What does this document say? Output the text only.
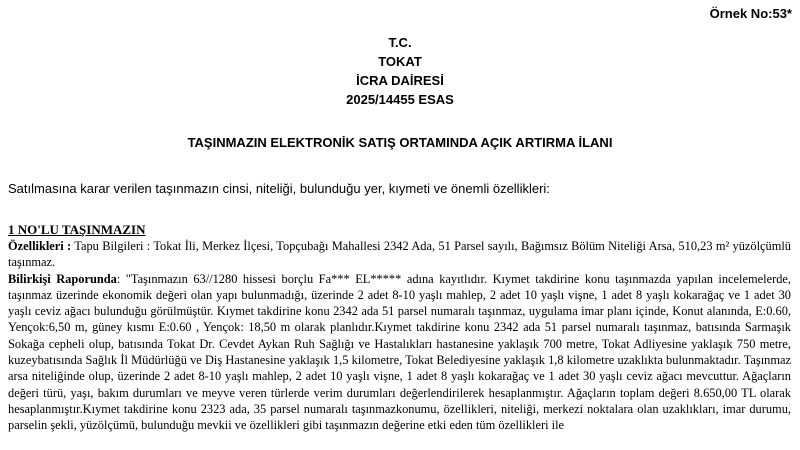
Örnek No:53*
T.C.
TOKAT
İCRA DAİRESİ
2025/14455 ESAS
TAŞINMAZIN ELEKTRONİK SATIŞ ORTAMINDA AÇIK ARTIRMA İLANI
Satılmasına karar verilen taşınmazın cinsi, niteliği, bulunduğu yer, kıymeti ve önemli özellikleri:
1 NO'LU TAŞINMAZIN

Özellikleri : Tapu Bilgileri : Tokat İli, Merkez İlçesi, Topçubağı Mahallesi 2342 Ada, 51 Parsel sayılı, Bağımsız Bölüm Niteliği Arsa, 510,23 m² yüzölçümlü taşınmaz.

Bilirkişi Raporunda: "Taşınmazın 63//1280 hissesi borçlu Fa*** EL***** adına kayıtlıdır. Kıymet takdirine konu taşınmazda yapılan incelemelerde, taşınmaz üzerinde ekonomik değeri olan yapı bulunmadığı, üzerinde 2 adet 8-10 yaşlı mahlep, 2 adet 10 yaşlı vişne, 1 adet 8 yaşlı kokarağaç ve 1 adet 30 yaşlı ceviz ağacı bulunduğu görülmüştür. Kıymet takdirine konu 2342 ada 51 parsel numaralı taşınmaz, uygulama imar planı içinde, Konut alanında, E:0.60, Yençok:6,50 m, güney kısmı E:0.60 , Yençok: 18,50 m olarak planlıdır.Kıymet takdirine konu 2342 ada 51 parsel numaralı taşınmaz, batısında Sarmaşık Sokağa cepheli olup, batısında Tokat Dr. Cevdet Aykan Ruh Sağlığı ve Hastalıkları hastanesine yaklaşık 700 metre, Tokat Adliyesine yaklaşık 750 metre, kuzeybatısında Sağlık İl Müdürlüğü ve Diş Hastanesine yaklaşık 1,5 kilometre, Tokat Belediyesine yaklaşık 1,8 kilometre uzaklıkta bulunmaktadır. Taşınmaz arsa niteliğinde olup, üzerinde 2 adet 8-10 yaşlı mahlep, 2 adet 10 yaşlı vişne, 1 adet 8 yaşlı kokarağaç ve 1 adet 30 yaşlı ceviz ağacı mevcuttur. Ağaçların değeri türü, yaşı, bakım durumları ve meyve veren türlerde verim durumları değerlendirilerek hesaplanmıştır. Ağaçların toplam değeri 8.650,00 TL olarak hesaplanmıştır.Kıymet takdirine konu 2323 ada, 35 parsel numaralı taşınmazkonumu, özellikleri, niteliği, merkezi noktalara olan uzaklıkları, imar durumu, parselin şekli, yüzölçümü, bulunduğu mevkii ve özellikleri gibi taşınmazın değerine etki eden tüm özellikleri ile
